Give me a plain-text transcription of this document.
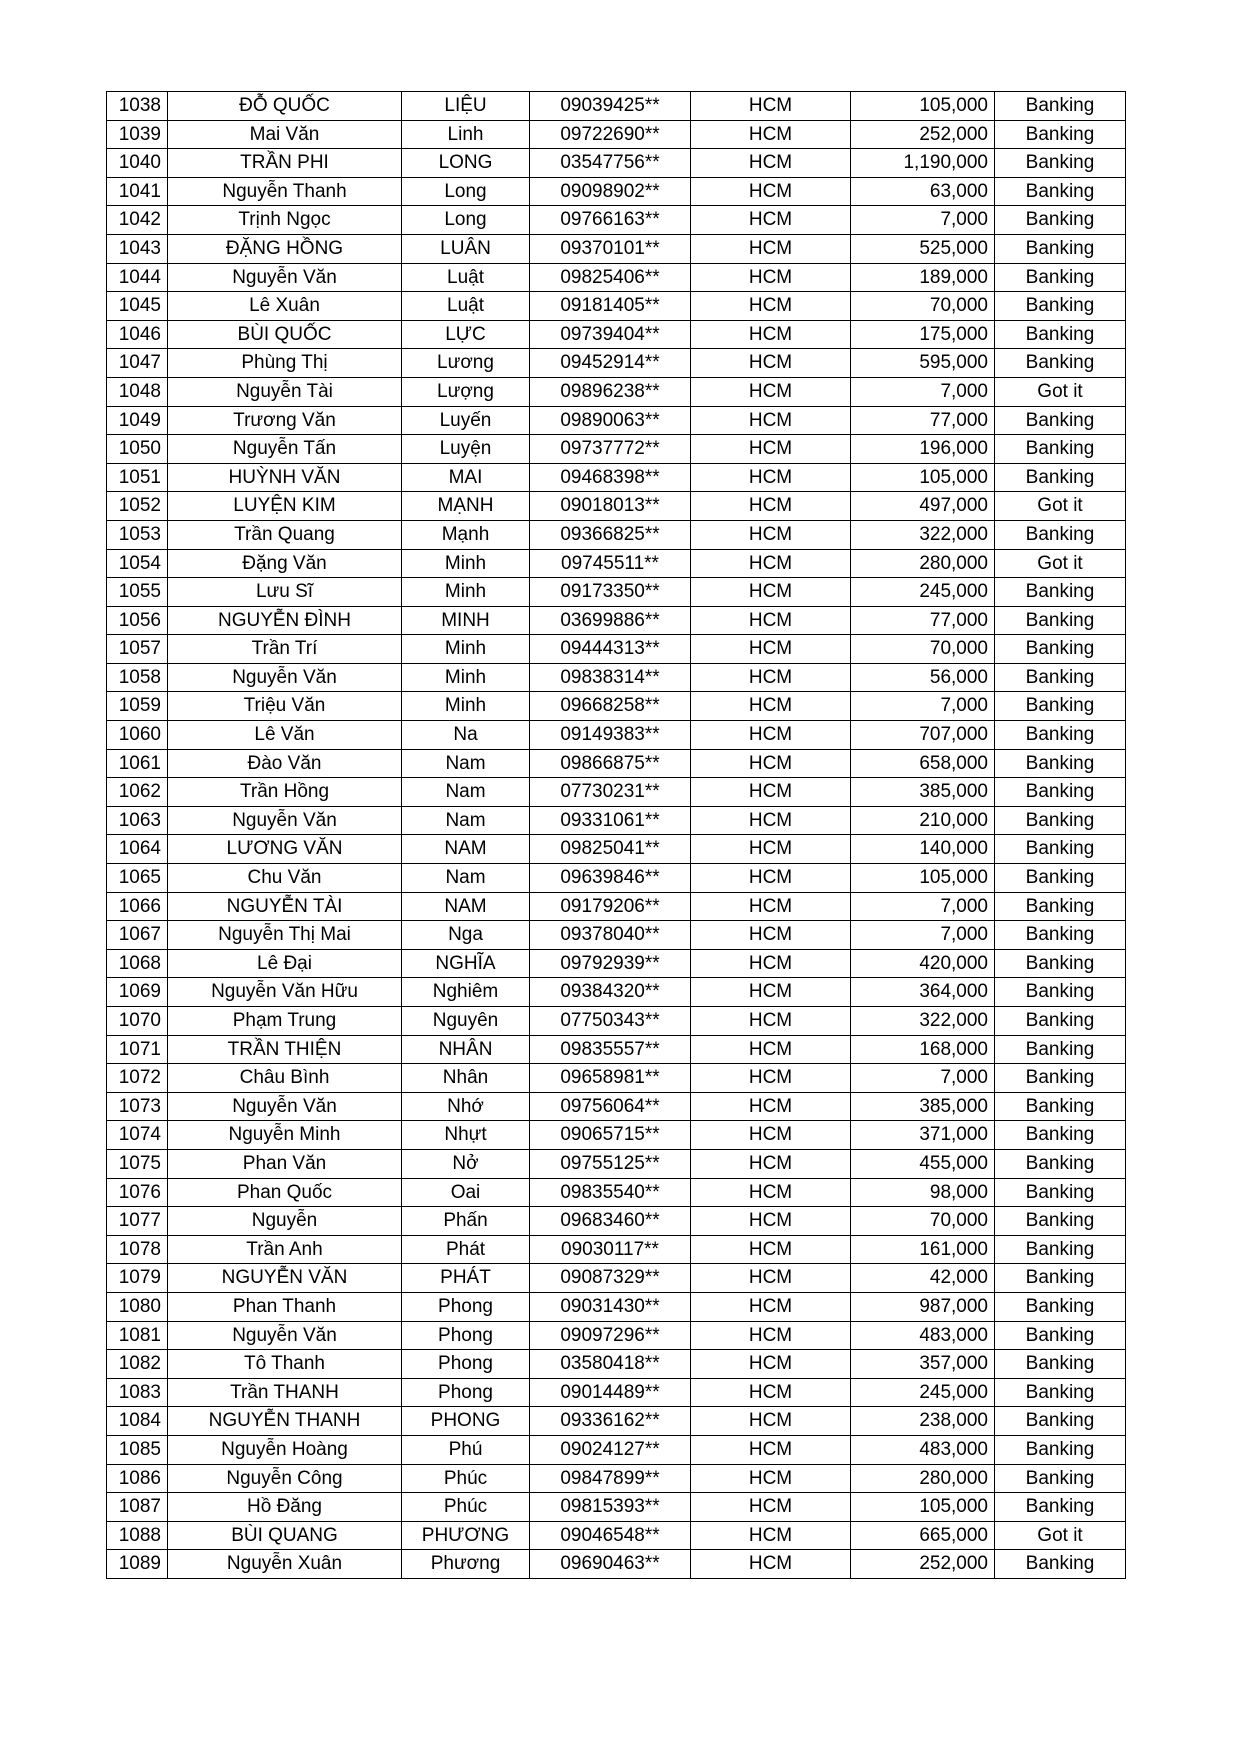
1038	ĐỖ QUỐC	LIỆU	09039425**	HCM	105,000	Banking
1039	Mai Văn	Linh	09722690**	HCM	252,000	Banking
1040	TRẦN PHI	LONG	03547756**	HCM	1,190,000	Banking
1041	Nguyễn Thanh	Long	09098902**	HCM	63,000	Banking
1042	Trịnh Ngọc	Long	09766163**	HCM	7,000	Banking
1043	ĐẶNG HỒNG	LUÂN	09370101**	HCM	525,000	Banking
1044	Nguyễn Văn	Luật	09825406**	HCM	189,000	Banking
1045	Lê Xuân	Luật	09181405**	HCM	70,000	Banking
1046	BÙI QUỐC	LỰC	09739404**	HCM	175,000	Banking
1047	Phùng Thị	Lương	09452914**	HCM	595,000	Banking
1048	Nguyễn Tài	Lượng	09896238**	HCM	7,000	Got it
1049	Trương Văn	Luyến	09890063**	HCM	77,000	Banking
1050	Nguyễn Tấn	Luyện	09737772**	HCM	196,000	Banking
1051	HUỲNH VĂN	MAI	09468398**	HCM	105,000	Banking
1052	LUYỆN KIM	MẠNH	09018013**	HCM	497,000	Got it
1053	Trần Quang	Mạnh	09366825**	HCM	322,000	Banking
1054	Đặng Văn	Minh	09745511**	HCM	280,000	Got it
1055	Lưu Sĩ	Minh	09173350**	HCM	245,000	Banking
1056	NGUYỄN ĐÌNH	MINH	03699886**	HCM	77,000	Banking
1057	Trần Trí	Minh	09444313**	HCM	70,000	Banking
1058	Nguyễn Văn	Minh	09838314**	HCM	56,000	Banking
1059	Triệu Văn	Minh	09668258**	HCM	7,000	Banking
1060	Lê Văn	Na	09149383**	HCM	707,000	Banking
1061	Đào Văn	Nam	09866875**	HCM	658,000	Banking
1062	Trần Hồng	Nam	07730231**	HCM	385,000	Banking
1063	Nguyễn Văn	Nam	09331061**	HCM	210,000	Banking
1064	LƯƠNG VĂN	NAM	09825041**	HCM	140,000	Banking
1065	Chu Văn	Nam	09639846**	HCM	105,000	Banking
1066	NGUYỄN TÀI	NAM	09179206**	HCM	7,000	Banking
1067	Nguyễn Thị Mai	Nga	09378040**	HCM	7,000	Banking
1068	Lê Đại	NGHĨA	09792939**	HCM	420,000	Banking
1069	Nguyễn Văn Hữu	Nghiêm	09384320**	HCM	364,000	Banking
1070	Phạm Trung	Nguyên	07750343**	HCM	322,000	Banking
1071	TRẦN THIỆN	NHÂN	09835557**	HCM	168,000	Banking
1072	Châu Bình	Nhân	09658981**	HCM	7,000	Banking
1073	Nguyễn Văn	Nhớ	09756064**	HCM	385,000	Banking
1074	Nguyễn Minh	Nhựt	09065715**	HCM	371,000	Banking
1075	Phan Văn	Nở	09755125**	HCM	455,000	Banking
1076	Phan Quốc	Oai	09835540**	HCM	98,000	Banking
1077	Nguyễn	Phấn	09683460**	HCM	70,000	Banking
1078	Trần Anh	Phát	09030117**	HCM	161,000	Banking
1079	NGUYỄN VĂN	PHÁT	09087329**	HCM	42,000	Banking
1080	Phan Thanh	Phong	09031430**	HCM	987,000	Banking
1081	Nguyễn Văn	Phong	09097296**	HCM	483,000	Banking
1082	Tô Thanh	Phong	03580418**	HCM	357,000	Banking
1083	Trần THANH	Phong	09014489**	HCM	245,000	Banking
1084	NGUYỄN THANH	PHONG	09336162**	HCM	238,000	Banking
1085	Nguyễn Hoàng	Phú	09024127**	HCM	483,000	Banking
1086	Nguyễn Công	Phúc	09847899**	HCM	280,000	Banking
1087	Hồ Đăng	Phúc	09815393**	HCM	105,000	Banking
1088	BÙI QUANG	PHƯƠNG	09046548**	HCM	665,000	Got it
1089	Nguyễn Xuân	Phương	09690463**	HCM	252,000	Banking
